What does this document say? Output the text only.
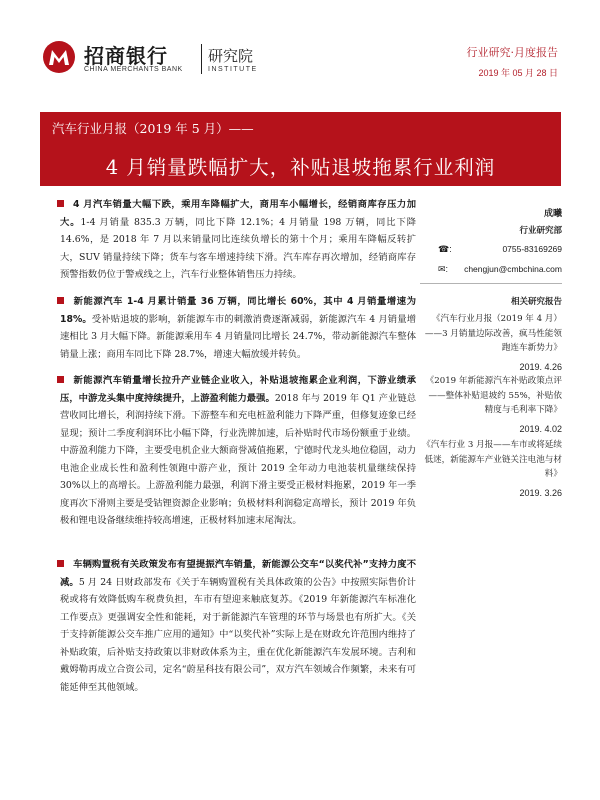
招商银行
CHINA MERCHANTS BANK
研究院
INSTITUTE
行业研究·月度报告
2019 年 05 月 28 日
汽车行业月报（2019 年 5 月）——
4 月销量跌幅扩大，补贴退坡拖累行业利润
4 月汽车销量大幅下跌，乘用车降幅扩大，商用车小幅增长，经销商库存压力加大。1-4 月销量 835.3 万辆，同比下降 12.1%；4 月销量 198 万辆，同比下降 14.6%，是 2018 年 7 月以来销量同比连续负增长的第十个月；乘用车降幅反转扩大，SUV 销量持续下降；货车与客车增速持续下滑。汽车库存再次增加，经销商库存预警指数仍位于警戒线之上，汽车行业整体销售压力持续。
新能源汽车 1-4 月累计销量 36 万辆，同比增长 60%，其中 4 月销量增速为 18%。受补贴退坡的影响，新能源车市的刺激消费逐渐减弱，新能源汽车 4 月销量增速相比 3 月大幅下降。新能源乘用车 4 月销量同比增长 24.7%，带动新能源汽车整体销量上涨；商用车同比下降 28.7%，增速大幅放缓并转负。
新能源汽车销量增长拉升产业链企业收入，补贴退坡拖累企业利润，下游业绩承压，中游龙头集中度持续提升，上游盈利能力最强。2018 年与 2019 年 Q1 产业链总营收同比增长，利润持续下滑。下游整车和充电桩盈利能力下降严重，但修复迹象已经显现；预计二季度利润环比小幅下降，行业洗牌加速，后补贴时代市场份额重于业绩。中游盈利能力下降，主要受电机企业大额商誉减值拖累，宁德时代龙头地位稳固，动力电池企业成长性和盈利性领跑中游产业，预计 2019 全年动力电池装机量继续保持 30%以上的高增长。上游盈利能力最强，利润下滑主要受正极材料拖累，2019 年一季度再次下滑则主要是受钴锂资源企业影响；负极材料利润稳定高增长，预计 2019 年负极和锂电设备继续维持较高增速，正极材料加速末尾淘汰。
车辆购置税有关政策发布有望提振汽车销量，新能源公交车“以奖代补”支持力度不减。5 月 24 日财政部发布《关于车辆购置税有关具体政策的公告》中按照实际售价计税或将有效降低购车税费负担，车市有望迎来触底复苏。《2019 年新能源汽车标准化工作要点》更强调安全性和能耗，对于新能源汽车管理的环节与场景也有所扩大。《关于支持新能源公交车推广应用的通知》中“以奖代补”实际上是在财政允许范围内维持了补贴政策，后补贴支持政策以非财政体系为主，重在优化新能源汽车发展环境。吉利和戴姆勒再成立合资公司，定名“蔚星科技有限公司”，双方汽车领域合作频繁，未来有可能延伸至其他领域。
成曦
行业研究部
☎:	0755-83169269
✉: chengjun@cmbchina.com
相关研究报告
《汽车行业月报（2019 年 4 月）——3 月销量边际改善，疯马性能领跑连车新势力》
2019. 4.26
《2019 年新能源汽车补贴政策点评——整体补贴退坡约 55%，补贴依精度与毛利率下降》
2019. 4.02
《汽车行业 3 月报——车市或将延续低迷，新能源车产业链关注电池与材料》
2019. 3.26
